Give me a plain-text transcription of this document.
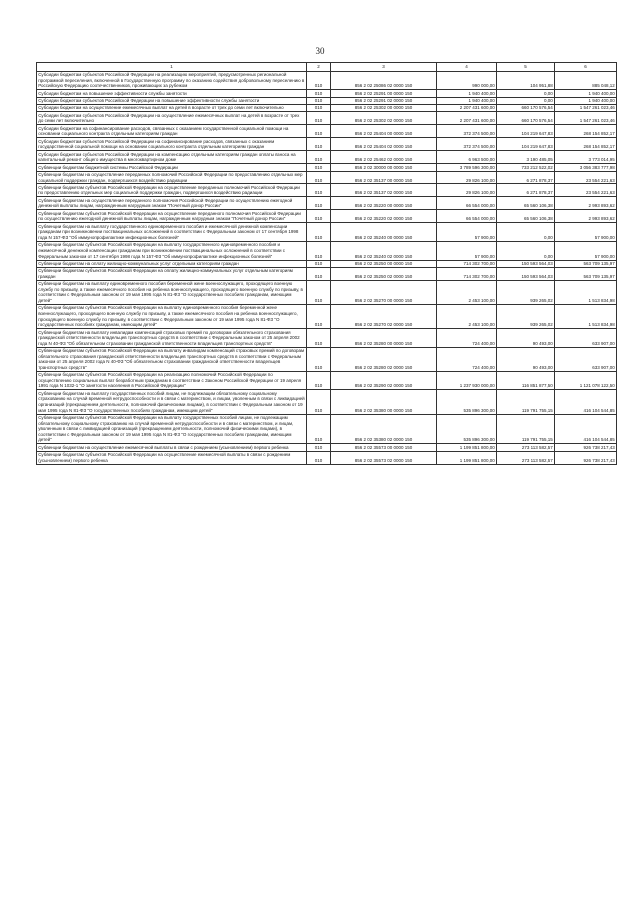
30
1	2	3	4	5	6
Субсидии бюджетам субъектов Российской Федерации на реализацию мероприятий, предусмотренных региональной программой переселения, включенной в Государственную программу по оказанию содействия добровольному переселению в Российскую Федерацию соотечественников, проживающих за рубежом	010	856 2 02 25086 02 0000 150	990 000,00	104 951,88	885 048,12
Субсидии бюджетам на повышение эффективности службы занятости	010	856 2 02 25291 00 0000 150	1 940 400,00	0,00	1 940 400,00
Субсидии бюджетам субъектов Российской Федерации на повышение эффективности службы занятости	010	856 2 02 25291 02 0000 150	1 940 400,00	0,00	1 940 400,00
Субсидии бюджетам на осуществление ежемесячных выплат на детей в возрасте от трех до семи лет включительно	010	856 2 02 25302 00 0000 150	2 207 431 600,00	660 170 576,54	1 547 261 023,46
Субсидии бюджетам субъектов Российской Федерации на осуществление ежемесячных выплат на детей в возрасте от трех до семи лет включительно	010	856 2 02 25302 02 0000 150	2 207 431 600,00	660 170 576,54	1 547 261 023,46
Субсидии бюджетам на софинансирование расходов, связанных с оказанием государственной социальной помощи на основании социального контракта отдельным категориям граждан	010	856 2 02 25404 00 0000 150	372 374 500,00	104 219 647,83	268 154 852,17
Субсидии бюджетам субъектов Российской Федерации на софинансирование расходов, связанных с оказанием государственной социальной помощи на основании социального контракта отдельным категориям граждан	010	856 2 02 25404 02 0000 150	372 374 500,00	104 219 647,83	268 154 852,17
Субсидии бюджетам субъектов Российской Федерации на компенсацию отдельным категориям граждан оплаты взноса на капитальный ремонт общего имущества в многоквартирном доме	010	856 2 02 25462 02 0000 150	6 963 500,00	3 190 485,05	3 773 014,95
Субвенции бюджетам бюджетной системы Российской Федерации	010	856 2 02 30000 00 0000 150	3 789 596 300,00	733 212 522,02	3 056 383 777,98
Субвенции бюджетам на осуществление переданных полномочий Российской Федерации по предоставлению отдельных мер социальной поддержки граждан, подвергшихся воздействию радиации	010	856 2 02 35137 00 0000 150	29 826 100,00	6 271 878,37	23 554 221,63
Субвенции бюджетам субъектов Российской Федерации на осуществление переданных полномочий Российской Федерации по предоставлению отдельных мер социальной поддержки граждан, подвергшихся воздействию радиации	010	856 2 02 35137 02 0000 150	29 826 100,00	6 271 878,37	23 554 221,63
Субвенции бюджетам на осуществление переданного полномочия Российской Федерации по осуществлению ежегодной денежной выплаты лицам, награжденным нагрудным знаком "Почетный донор России"	010	856 2 02 35220 00 0000 150	66 554 000,00	65 560 106,38	2 993 893,62
Субвенции бюджетам субъектов Российской Федерации на осуществление переданного полномочия Российской Федерации по осуществлению ежегодной денежной выплаты лицам, награжденным нагрудным знаком "Почетный донор России"	010	856 2 02 35220 02 0000 150	66 554 000,00	65 560 106,38	2 993 893,62
Субвенции бюджетам на выплату государственного единовременного пособия и ежемесячной денежной компенсации гражданам при возникновении поствакцинальных осложнений в соответствии с Федеральным законом от 17 сентября 1998 года N 157-ФЗ "Об иммунопрофилактике инфекционных болезней"	010	856 2 02 35240 00 0000 150	57 900,00	0,00	57 900,00
Субвенции бюджетам субъектов Российской Федерации на выплату государственного единовременного пособия и ежемесячной денежной компенсации гражданам при возникновении поствакцинальных осложнений в соответствии с Федеральным законом от 17 сентября 1998 года N 157-ФЗ "Об иммунопрофилактике инфекционных болезней"	010	856 2 02 35240 02 0000 150	57 900,00	0,00	57 900,00
Субвенции бюджетам на оплату жилищно-коммунальных услуг отдельным категориям граждан	010	856 2 02 35250 00 0000 150	714 302 700,00	150 593 564,03	563 709 135,97
Субвенции бюджетам субъектов Российской Федерации на оплату жилищно-коммунальных услуг отдельным категориям граждан	010	856 2 02 35250 02 0000 150	714 302 700,00	150 593 564,03	563 709 135,97
Субвенции бюджетам на выплату единовременного пособия беременной жене военнослужащего, проходящего военную службу по призыву, а также ежемесячного пособия на ребенка военнослужащего, проходящего военную службу по призыву, в соответствии с Федеральным законом от 19 мая 1995 года N 81-ФЗ "О государственных пособиях гражданам, имеющим детей"	010	856 2 02 35270 00 0000 150	2 453 100,00	939 265,02	1 513 834,98
Субвенции бюджетам субъектов Российской Федерации на выплату единовременного пособия беременной жене военнослужащего, проходящего военную службу по призыву, а также ежемесячного пособия на ребенка военнослужащего, проходящего военную службу по призыву, в соответствии с Федеральным законом от 19 мая 1995 года N 81-ФЗ "О государственных пособиях гражданам, имеющим детей"	010	856 2 02 35270 02 0000 150	2 453 100,00	939 265,02	1 513 834,98
Субвенции бюджетам на выплату инвалидам компенсаций страховых премий по договорам обязательного страхования гражданской ответственности владельцев транспортных средств в соответствии с Федеральным законом от 25 апреля 2002 года N 40-ФЗ "Об обязательном страховании гражданской ответственности владельцев транспортных средств"	010	856 2 02 35280 00 0000 150	724 400,00	90 493,00	633 907,00
Субвенции бюджетам субъектов Российской Федерации на выплату инвалидам компенсаций страховых премий по договорам обязательного страхования гражданской ответственности владельцев транспортных средств в соответствии с Федеральным законом от 25 апреля 2002 года N 40-ФЗ "Об обязательном страховании гражданской ответственности владельцев транспортных средств"	010	856 2 02 35280 02 0000 150	724 400,00	90 493,00	633 907,00
Субвенции бюджетам субъектов Российской Федерации на реализацию полномочий Российской Федерации по осуществлению социальных выплат безработным гражданам в соответствии с Законом Российской Федерации от 19 апреля 1991 года N 1032-1 "О занятости населения в Российской Федерации"	010	856 2 02 35290 02 0000 150	1 237 930 000,00	116 851 877,50	1 121 078 122,50
Субвенции бюджетам на выплату государственных пособий лицам, не подлежащим обязательному социальному страхованию на случай временной нетрудоспособности и в связи с материнством, и лицам, уволенным в связи с ликвидацией организаций (прекращением деятельности, полномочий физическими лицами), в соответствии с Федеральным законом от 19 мая 1995 года N 81-ФЗ "О государственных пособиях гражданам, имеющим детей"	010	856 2 02 35380 00 0000 150	535 896 300,00	119 791 755,15	416 104 544,85
Субвенции бюджетам субъектов Российской Федерации на выплату государственных пособий лицам, не подлежащим обязательному социальному страхованию на случай временной нетрудоспособности и в связи с материнством, и лицам, уволенным в связи с ликвидацией организаций (прекращением деятельности, полномочий физическими лицами), в соответствии с Федеральным законом от 19 мая 1995 года N 81-ФЗ "О государственных пособиях гражданам, имеющим детей"	010	856 2 02 35380 02 0000 150	535 896 300,00	119 791 755,15	416 104 544,85
Субвенции бюджетам на осуществление ежемесячной выплаты в связи с рождением (усыновлением) первого ребенка	010	856 2 02 35573 00 0000 150	1 199 851 800,00	273 113 582,57	926 738 217,43
Субвенции бюджетам субъектов Российской Федерации на осуществление ежемесячной выплаты в связи с рождением (усыновлением) первого ребенка	010	856 2 02 35573 02 0000 150	1 199 851 800,00	273 113 582,57	926 738 217,43
